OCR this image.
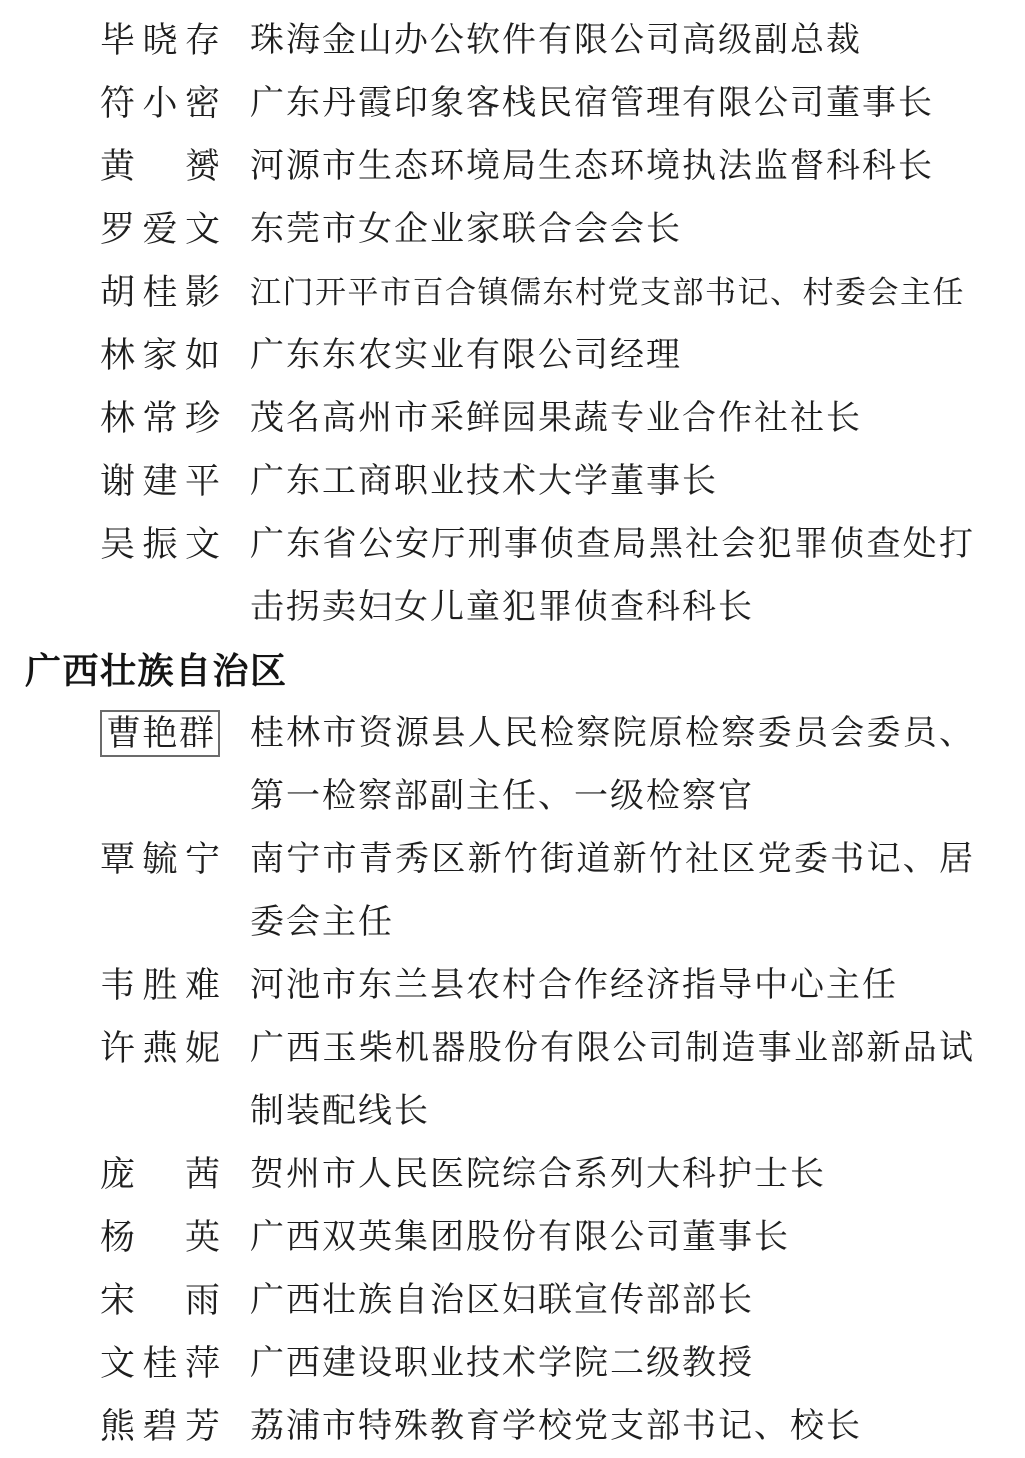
毕晓存 珠海金山办公软件有限公司高级副总裁
符小密 广东丹霞印象客栈民宿管理有限公司董事长
黄赟 河源市生态环境局生态环境执法监督科科长
罗爱文 东莞市女企业家联合会会长
胡桂影 江门开平市百合镇儒东村党支部书记、村委会主任
林家如 广东东农实业有限公司经理
林常珍 茂名高州市采鲜园果蔬专业合作社社长
谢建平 广东工商职业技术大学董事长
吴振文 广东省公安厅刑事侦查局黑社会犯罪侦查处打击拐卖妇女儿童犯罪侦查科科长
广西壮族自治区
曹艳群 桂林市资源县人民检察院原检察委员会委员、第一检察部副主任、一级检察官
覃毓宁 南宁市青秀区新竹街道新竹社区党委书记、居委会主任
韦胜难 河池市东兰县农村合作经济指导中心主任
许燕妮 广西玉柴机器股份有限公司制造事业部新品试制装配线长
庞茜 贺州市人民医院综合系列大科护士长
杨英 广西双英集团股份有限公司董事长
宋雨 广西壮族自治区妇联宣传部部长
文桂萍 广西建设职业技术学院二级教授
熊碧芳 荔浦市特殊教育学校党支部书记、校长
